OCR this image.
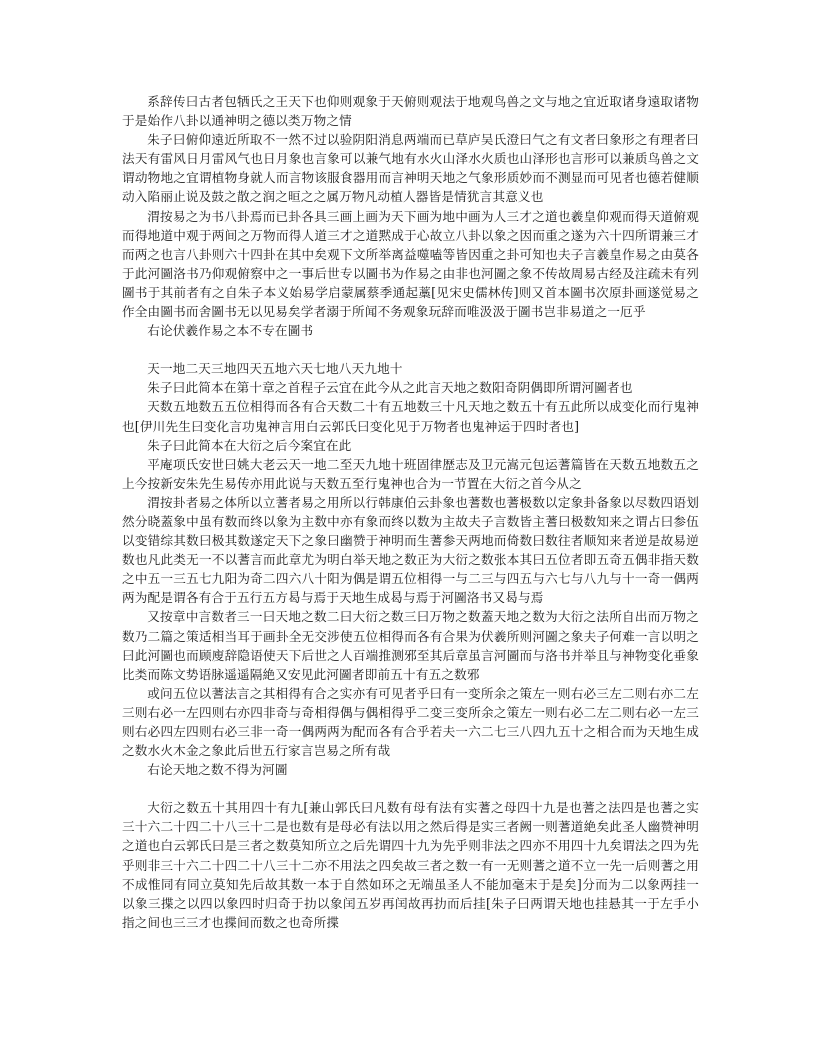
系辞传曰古者包牺氏之王天下也仰则观象于天俯则观法于地观鸟兽之文与地之宜近取诸身遠取诸物于是始作八卦以通神明之德以类万物之情

朱子曰俯仰遠近所取不一然不过以验阴阳消息两端而已草庐吴氏澄曰气之有文者曰象形之有理者曰法天有雷风日月雷风气也日月象也言象可以兼气地有水火山泽水火质也山泽形也言形可以兼质鸟兽之文谓动物地之宜谓植物身就人而言物该服食器用而言神明天地之气象形质妙而不测显而可见者也德若健顺动入陷丽止说及鼓之散之润之晅之之属万物凡动植人器皆是情犹言其意义也

渭按易之为书八卦焉而已卦各具三画上画为天下画为地中画为人三才之道也羲皇仰观而得天道俯观而得地道中观于两间之万物而得人道三才之道黙成于心故立八卦以象之因而重之遂为六十四所谓兼三才而两之也言八卦则六十四卦在其中矣观下文所举离益噬嗑等皆因重之卦可知也夫子言羲皇作易之由莫各于此河圖洛书乃仰观俯察中之一事后世专以圖书为作易之由非也河圖之象不传故周易古经及注疏未有列圖书于其前者有之自朱子本义始易学启蒙属蔡季通起藁[见宋史儒林传]则又首本圖书次原卦画遂觉易之作全由圖书而舍圖书无以见易矣学者溺于所闻不务观象玩辞而唯汲汲于圖书岂非易道之一厄乎

右论伏羲作易之本不专在圖书

天一地二天三地四天五地六天七地八天九地十

朱子曰此简本在第十章之首程子云宜在此今从之此言天地之数阳奇阴偶即所谓河圖者也

天数五地数五五位相得而各有合天数二十有五地数三十凡天地之数五十有五此所以成变化而行鬼神也[伊川先生曰变化言功鬼神言用白云郭氏曰变化见于万物者也鬼神运于四时者也]

朱子曰此简本在大衍之后今案宜在此

平庵项氏安世曰姚大老云天一地二至天九地十班固律歴志及卫元嵩元包运蓍篇皆在天数五地数五之上今按新安朱先生易传亦用此说与天数五至行鬼神也合为一节置在大衍之首今从之

渭按卦者易之体所以立蓍者易之用所以行韩康伯云卦象也蓍数也蓍极数以定象卦备象以尽数四语划然分晓蓋象中虽有数而终以象为主数中亦有象而终以数为主故夫子言数皆主蓍曰极数知来之谓占曰参伍以变错综其数曰极其数遂定天下之象曰幽赞于神明而生蓍参天两地而倚数曰数往者顺知来者逆是故易逆数也凡此类无一不以蓍言而此章尤为明白举天地之数正为大衍之数张本其曰五位者即五奇五偶非指天数之中五一三五七九阳为奇二四六八十阳为偶是谓五位相得一与二三与四五与六七与八九与十一奇一偶两两为配是谓各有合于五行五方曷与焉于天地生成曷与焉于河圖洛书又曷与焉

又按章中言数者三一曰天地之数二曰大衍之数三曰万物之数蓋天地之数为大衍之法所自出而万物之数乃二篇之策适相当耳于画卦全无交涉使五位相得而各有合果为伏羲所则河圖之象夫子何难一言以明之曰此河圖也而顾廋辞隐语使天下后世之人百端推测邪至其后章虽言河圖而与洛书并举且与神物变化垂象比类而陈文势语脉遥遥隔絶又安见此河圖者即前五十有五之数邪

或问五位以蓍法言之其相得有合之实亦有可见者乎曰有一变所余之策左一则右必三左二则右亦二左三则右必一左四则右亦四非奇与奇相得偶与偶相得乎二变三变所余之策左一则右必二左二则右必一左三则右必四左四则右必三非一奇一偶两两为配而各有合乎若夫一六二七三八四九五十之相合而为天地生成之数水火木金之象此后世五行家言岂易之所有哉

右论天地之数不得为河圖

大衍之数五十其用四十有九[兼山郭氏曰凡数有母有法有实蓍之母四十九是也蓍之法四是也蓍之实三十六二十四二十八三十二是也数有是母必有法以用之然后得是实三者阙一则蓍道絶矣此圣人幽赞神明之道也白云郭氏曰是三者之数莫知所立之后先谓四十九为先乎则非法之四亦不用四十九矣谓法之四为先乎则非三十六二十四二十八三十二亦不用法之四矣故三者之数一有一无则蓍之道不立一先一后则蓍之用不成惟同有同立莫知先后故其数一本于自然如环之无端虽圣人不能加毫末于是矣]分而为二以象两挂一以象三揲之以四以象四时归奇于扐以象闰五岁再闰故再扐而后挂[朱子曰两谓天地也挂悬其一于左手小指之间也三三才也揲间而数之也奇所揲
